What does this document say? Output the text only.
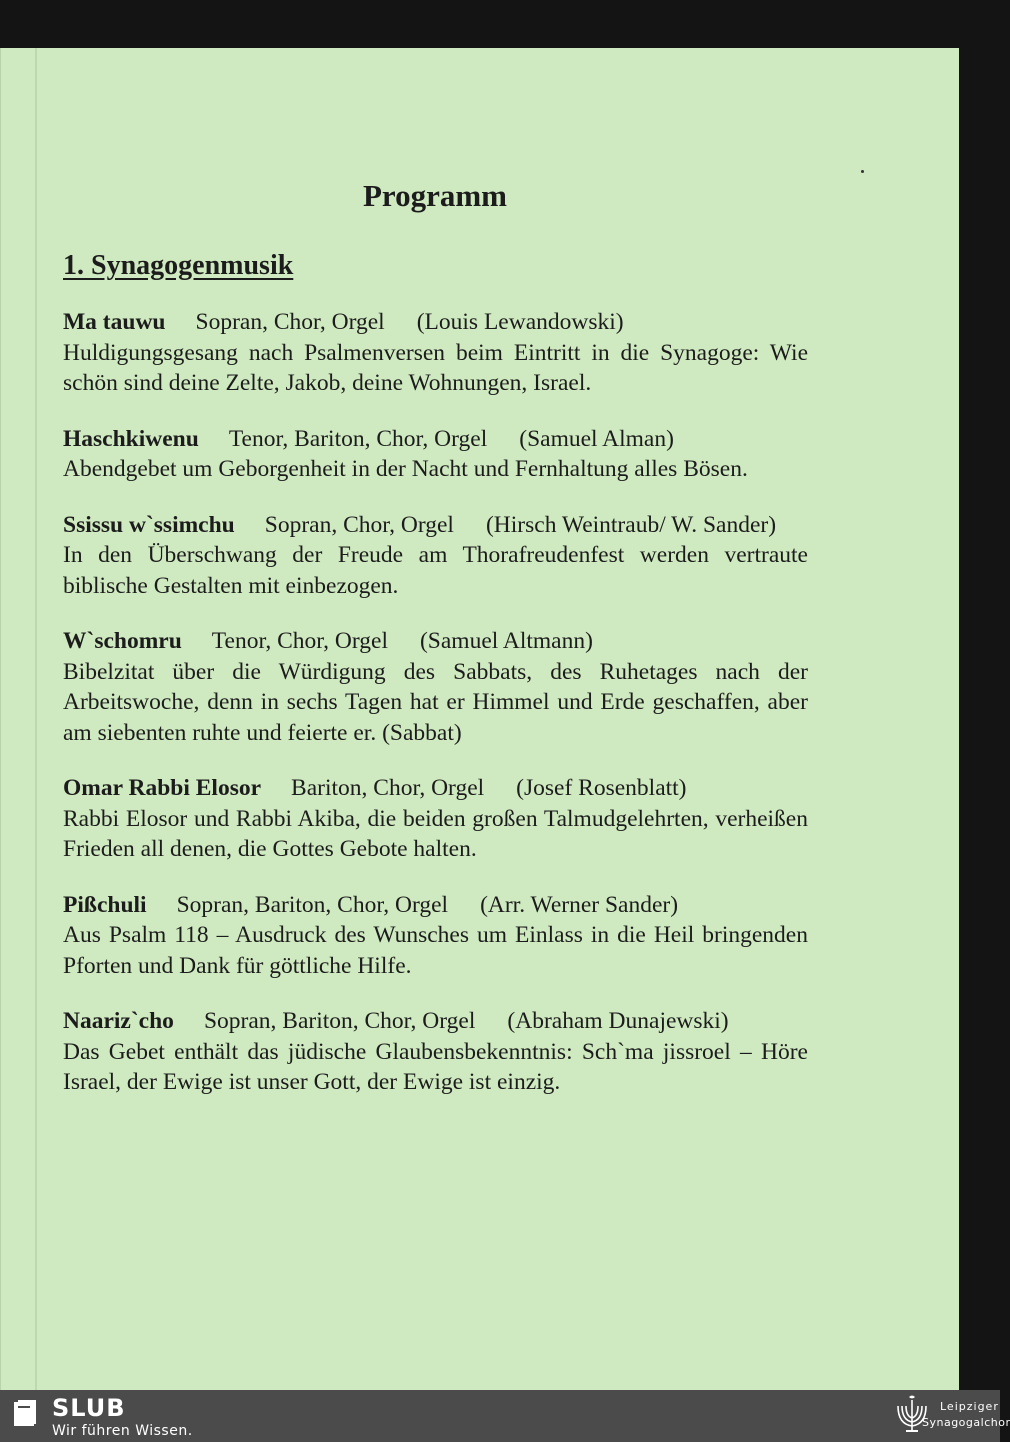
Programm
1. Synagogenmusik

Ma tauwu Sopran, Chor, Orgel (Louis Lewandowski)

Huldigungsgesang nach Psalmenversen beim Eintritt in die Synagoge: Wie schön sind deine Zelte, Jakob, deine Wohnungen, Israel.

Haschkiwenu Tenor, Bariton, Chor, Orgel (Samuel Alman)

Abendgebet um Geborgenheit in der Nacht und Fernhaltung alles Bösen.

Ssissu w`ssimchu Sopran, Chor, Orgel (Hirsch Weintraub/ W. Sander)

In den Überschwang der Freude am Thorafreudenfest werden vertraute biblische Gestalten mit einbezogen.

W`schomru Tenor, Chor, Orgel (Samuel Altmann)

Bibelzitat über die Würdigung des Sabbats, des Ruhetages nach der Arbeitswoche, denn in sechs Tagen hat er Himmel und Erde geschaffen, aber am siebenten ruhte und feierte er. (Sabbat)

Omar Rabbi Elosor Bariton, Chor, Orgel (Josef Rosenblatt)

Rabbi Elosor und Rabbi Akiba, die beiden großen Talmudgelehrten, verheißen Frieden all denen, die Gottes Gebote halten.

Pißchuli Sopran, Bariton, Chor, Orgel (Arr. Werner Sander)

Aus Psalm 118 – Ausdruck des Wunsches um Einlass in die Heil bringenden Pforten und Dank für göttliche Hilfe.

Naariz`cho Sopran, Bariton, Chor, Orgel (Abraham Dunajewski)

Das Gebet enthält das jüdische Glaubensbekenntnis: Sch`ma jissroel – Höre Israel, der Ewige ist unser Gott, der Ewige ist einzig.

SLUB
Wir führen Wissen.
Leipziger
Synagogalchor
